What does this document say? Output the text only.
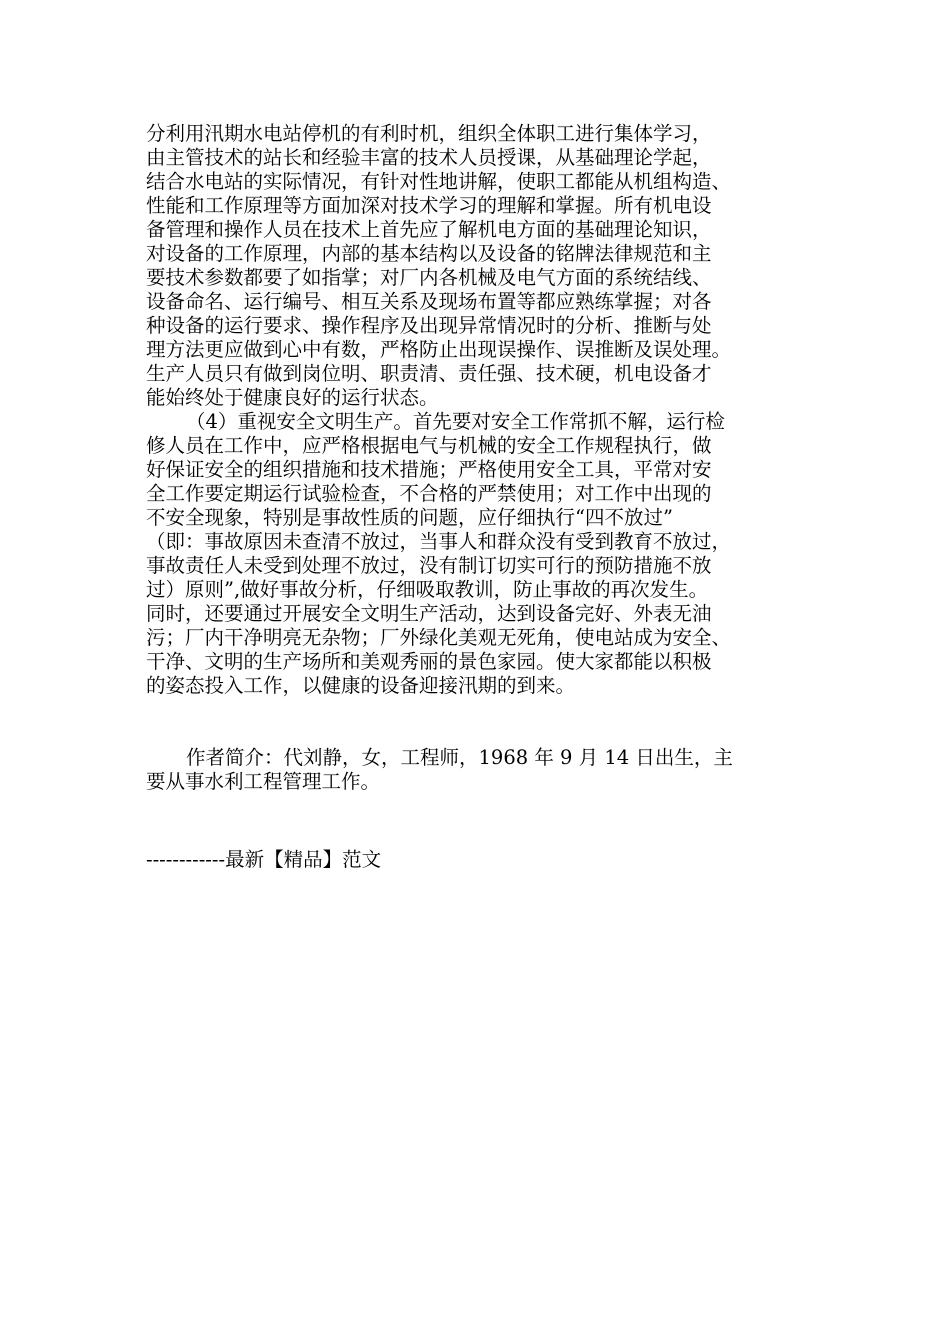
分利用汛期水电站停机的有利时机，组织全体职工进行集体学习，
由主管技术的站长和经验丰富的技术人员授课，从基础理论学起，
结合水电站的实际情况，有针对性地讲解，使职工都能从机组构造、
性能和工作原理等方面加深对技术学习的理解和掌握。所有机电设
备管理和操作人员在技术上首先应了解机电方面的基础理论知识，
对设备的工作原理，内部的基本结构以及设备的铭牌法律规范和主
要技术参数都要了如指掌；对厂内各机械及电气方面的系统结线、
设备命名、运行编号、相互关系及现场布置等都应熟练掌握；对各
种设备的运行要求、操作程序及出现异常情况时的分析、推断与处
理方法更应做到心中有数，严格防止出现误操作、误推断及误处理。
生产人员只有做到岗位明、职责清、责任强、技术硬，机电设备才
能始终处于健康良好的运行状态。
（4）重视安全文明生产。首先要对安全工作常抓不解，运行检
修人员在工作中，应严格根据电气与机械的安全工作规程执行，做
好保证安全的组织措施和技术措施；严格使用安全工具，平常对安
全工作要定期运行试验检查，不合格的严禁使用；对工作中出现的
不安全现象，特别是事故性质的问题，应仔细执行“四不放过”
（即：事故原因未查清不放过，当事人和群众没有受到教育不放过，
事故责任人未受到处理不放过，没有制订切实可行的预防措施不放
过）原则”,做好事故分析，仔细吸取教训，防止事故的再次发生。
同时，还要通过开展安全文明生产活动，达到设备完好、外表无油
污；厂内干净明亮无杂物；厂外绿化美观无死角，使电站成为安全、
干净、文明的生产场所和美观秀丽的景色家园。使大家都能以积极
的姿态投入工作，以健康的设备迎接汛期的到来。
作者简介：代刘静，女，工程师，1968 年 9 月 14 日出生，主
要从事水利工程管理工作。
------------最新【精品】范文
